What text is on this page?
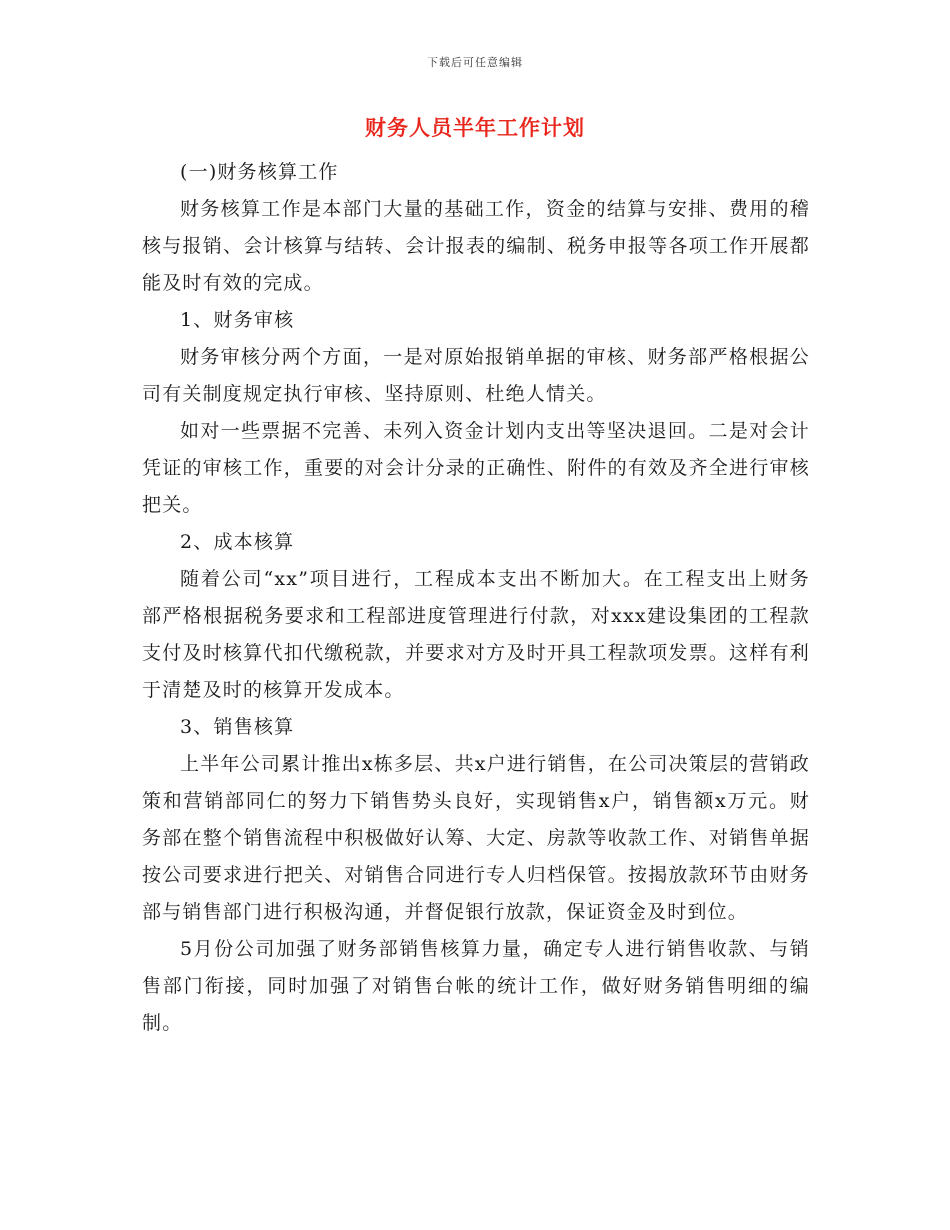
下载后可任意编辑
财务人员半年工作计划

(一)财务核算工作

财务核算工作是本部门大量的基础工作，资金的结算与安排、费用的稽核与报销、会计核算与结转、会计报表的编制、税务申报等各项工作开展都能及时有效的完成。

1、财务审核

财务审核分两个方面，一是对原始报销单据的审核、财务部严格根据公司有关制度规定执行审核、坚持原则、杜绝人情关。

如对一些票据不完善、未列入资金计划内支出等坚决退回。二是对会计凭证的审核工作，重要的对会计分录的正确性、附件的有效及齐全进行审核把关。

2、成本核算

随着公司“xx”项目进行，工程成本支出不断加大。在工程支出上财务部严格根据税务要求和工程部进度管理进行付款，对xxx建设集团的工程款支付及时核算代扣代缴税款，并要求对方及时开具工程款项发票。这样有利于清楚及时的核算开发成本。

3、销售核算

上半年公司累计推出x栋多层、共x户进行销售，在公司决策层的营销政策和营销部同仁的努力下销售势头良好，实现销售x户，销售额x万元。财务部在整个销售流程中积极做好认筹、大定、房款等收款工作、对销售单据按公司要求进行把关、对销售合同进行专人归档保管。按揭放款环节由财务部与销售部门进行积极沟通，并督促银行放款，保证资金及时到位。

5月份公司加强了财务部销售核算力量，确定专人进行销售收款、与销售部门衔接，同时加强了对销售台帐的统计工作，做好财务销售明细的编制。
